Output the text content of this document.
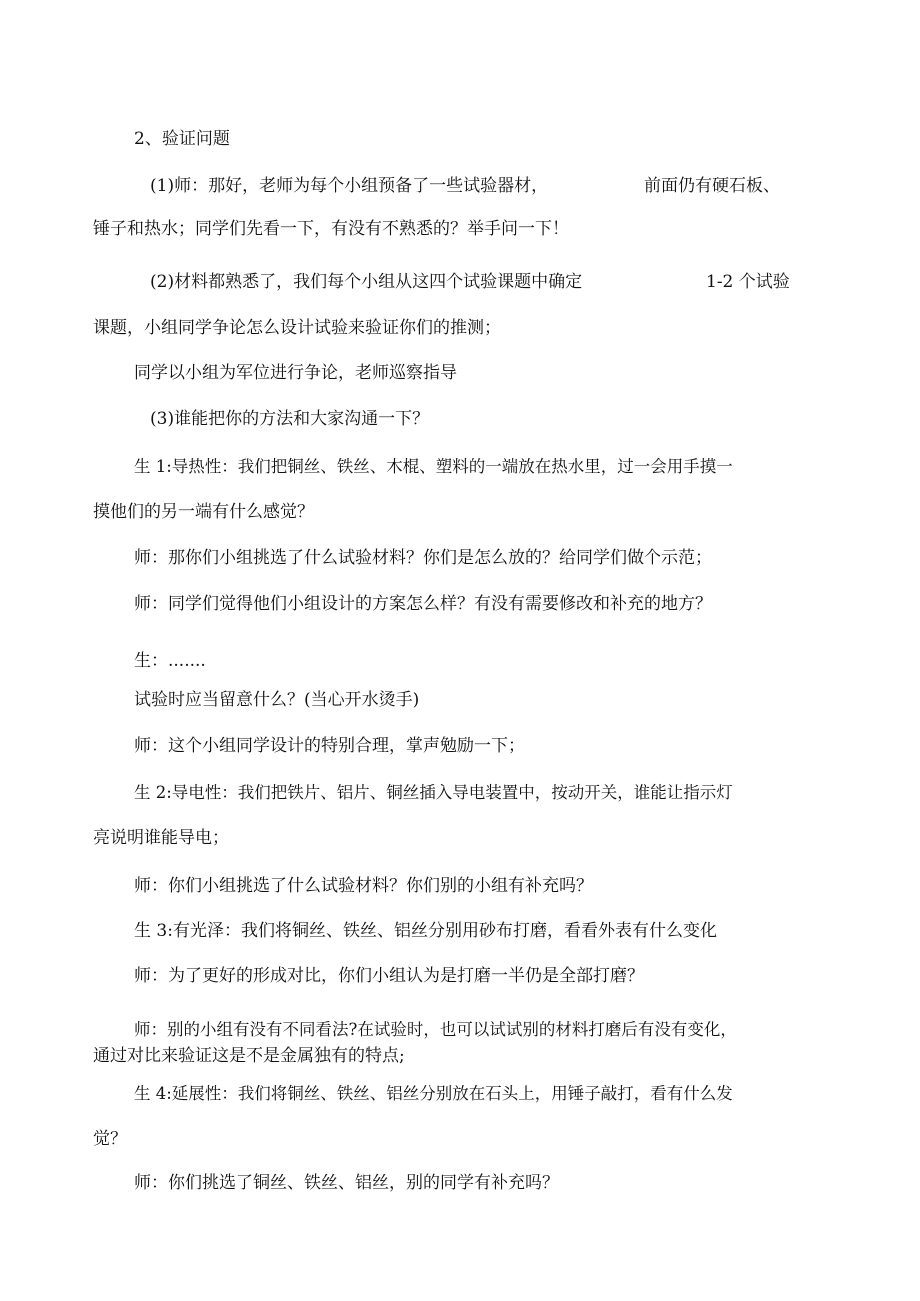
2、验证问题
(1)师：那好，老师为每个小组预备了一些试验器材，	前面仍有硬石板、
锤子和热水；同学们先看一下，有没有不熟悉的？举手问一下！
(2)材料都熟悉了，我们每个小组从这四个试验课题中确定	1-2 个试验
课题，小组同学争论怎么设计试验来验证你们的推测；
同学以小组为军位进行争论，老师巡察指导
(3)谁能把你的方法和大家沟通一下？
生 1:导热性：我们把铜丝、铁丝、木棍、塑料的一端放在热水里，过一会用手摸一
摸他们的另一端有什么感觉？
师：那你们小组挑选了什么试验材料？你们是怎么放的？给同学们做个示范；
师：同学们觉得他们小组设计的方案怎么样？有没有需要修改和补充的地方？
生：.......
试验时应当留意什么？(当心开水烫手)
师：这个小组同学设计的特别合理，掌声勉励一下；
生 2:导电性：我们把铁片、铝片、铜丝插入导电装置中，按动开关，谁能让指示灯
亮说明谁能导电；
师：你们小组挑选了什么试验材料？你们别的小组有补充吗？
生 3:有光泽：我们将铜丝、铁丝、铝丝分别用砂布打磨，看看外表有什么变化
师：为了更好的形成对比，你们小组认为是打磨一半仍是全部打磨？
师：别的小组有没有不同看法?在试验时，也可以试试别的材料打磨后有没有变化，
通过对比来验证这是不是金属独有的特点;
生 4:延展性：我们将铜丝、铁丝、铝丝分别放在石头上，用锤子敲打，看有什么发
觉？
师：你们挑选了铜丝、铁丝、铝丝，别的同学有补充吗？
